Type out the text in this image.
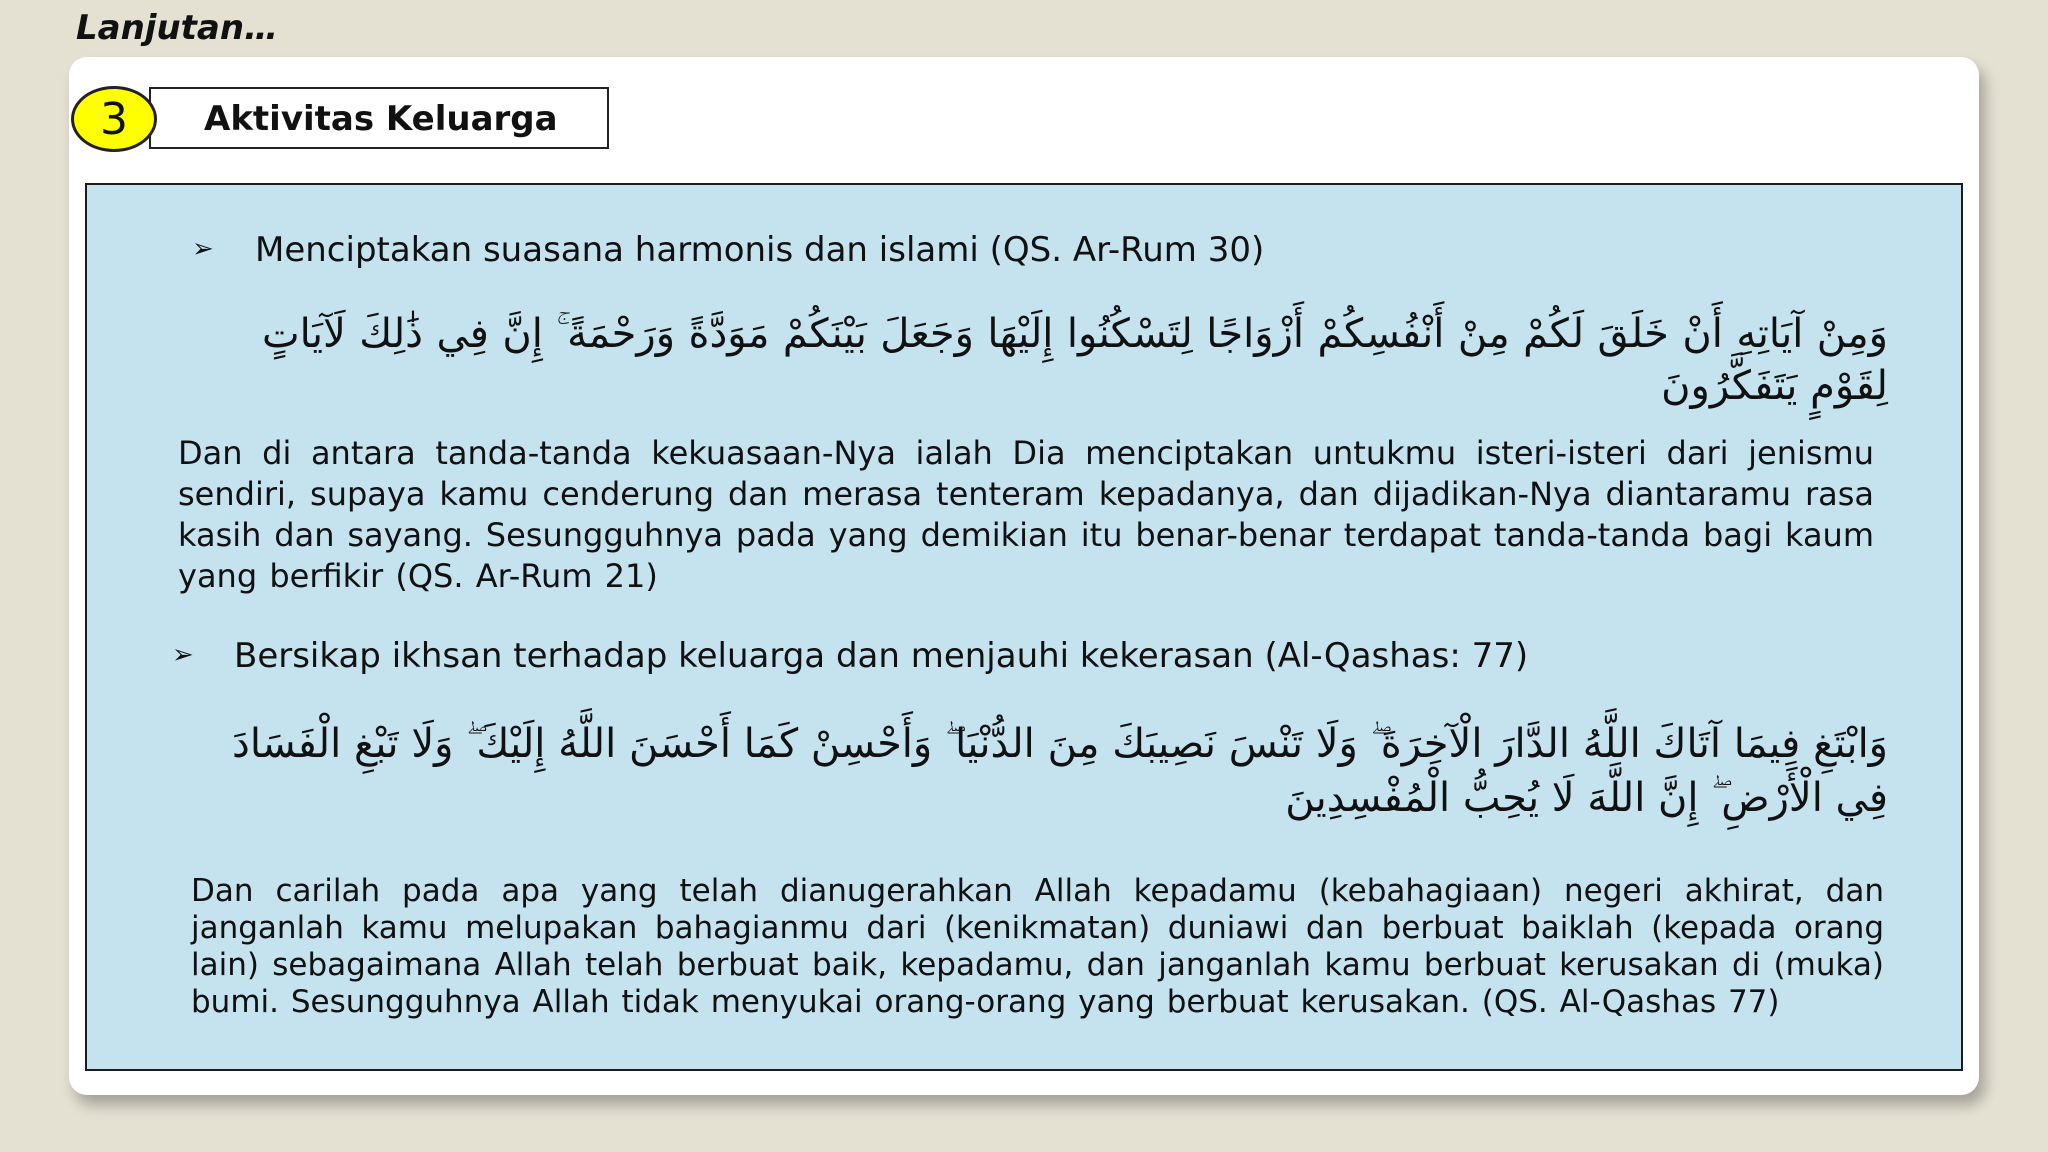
Lanjutan…
Aktivitas Keluarga
3
➢ Menciptakan suasana harmonis dan islami (QS. Ar-Rum 30)
وَمِنْ آيَاتِهِ أَنْ خَلَقَ لَكُمْ مِنْ أَنْفُسِكُمْ أَزْوَاجًا لِتَسْكُنُوا إِلَيْهَا وَجَعَلَ بَيْنَكُمْ مَوَدَّةً وَرَحْمَةً ۚ إِنَّ فِي ذَٰلِكَ لَآيَاتٍ لِقَوْمٍ يَتَفَكَّرُونَ
Dan di antara tanda-tanda kekuasaan-Nya ialah Dia menciptakan untukmu isteri-isteri dari jenismu sendiri, supaya kamu cenderung dan merasa tenteram kepadanya, dan dijadikan-Nya diantaramu rasa kasih dan sayang. Sesungguhnya pada yang demikian itu benar-benar terdapat tanda-tanda bagi kaum yang berfikir (QS. Ar-Rum 21)
➢ Bersikap ikhsan terhadap keluarga dan menjauhi kekerasan (Al-Qashas: 77)
وَابْتَغِ فِيمَا آتَاكَ اللَّهُ الدَّارَ الْآخِرَةَ ۖ وَلَا تَنْسَ نَصِيبَكَ مِنَ الدُّنْيَا ۖ وَأَحْسِنْ كَمَا أَحْسَنَ اللَّهُ إِلَيْكَ ۖ وَلَا تَبْغِ الْفَسَادَ فِي الْأَرْضِ ۖ إِنَّ اللَّهَ لَا يُحِبُّ الْمُفْسِدِينَ
Dan carilah pada apa yang telah dianugerahkan Allah kepadamu (kebahagiaan) negeri akhirat, dan janganlah kamu melupakan bahagianmu dari (kenikmatan) duniawi dan berbuat baiklah (kepada orang lain) sebagaimana Allah telah berbuat baik, kepadamu, dan janganlah kamu berbuat kerusakan di (muka) bumi. Sesungguhnya Allah tidak menyukai orang-orang yang berbuat kerusakan. (QS. Al-Qashas 77)
